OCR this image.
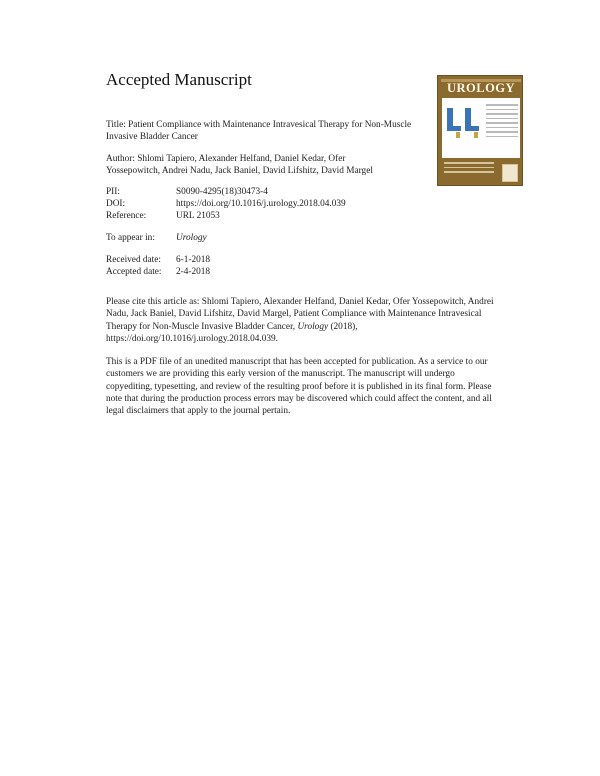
Accepted Manuscript
Title: Patient Compliance with Maintenance Intravesical Therapy for Non-Muscle Invasive Bladder Cancer
Author: Shlomi Tapiero, Alexander Helfand, Daniel Kedar, Ofer Yossepowitch, Andrei Nadu, Jack Baniel, David Lifshitz, David Margel
PII:	S0090-4295(18)30473-4
DOI:	https://doi.org/10.1016/j.urology.2018.04.039
Reference:	URL 21053
To appear in: Urology
Received date: 6-1-2018
Accepted date: 2-4-2018
Please cite this article as: Shlomi Tapiero, Alexander Helfand, Daniel Kedar, Ofer Yossepowitch, Andrei Nadu, Jack Baniel, David Lifshitz, David Margel, Patient Compliance with Maintenance Intravesical Therapy for Non-Muscle Invasive Bladder Cancer, Urology (2018), https://doi.org/10.1016/j.urology.2018.04.039.
This is a PDF file of an unedited manuscript that has been accepted for publication. As a service to our customers we are providing this early version of the manuscript. The manuscript will undergo copyediting, typesetting, and review of the resulting proof before it is published in its final form. Please note that during the production process errors may be discovered which could affect the content, and all legal disclaimers that apply to the journal pertain.
UROLOGY
